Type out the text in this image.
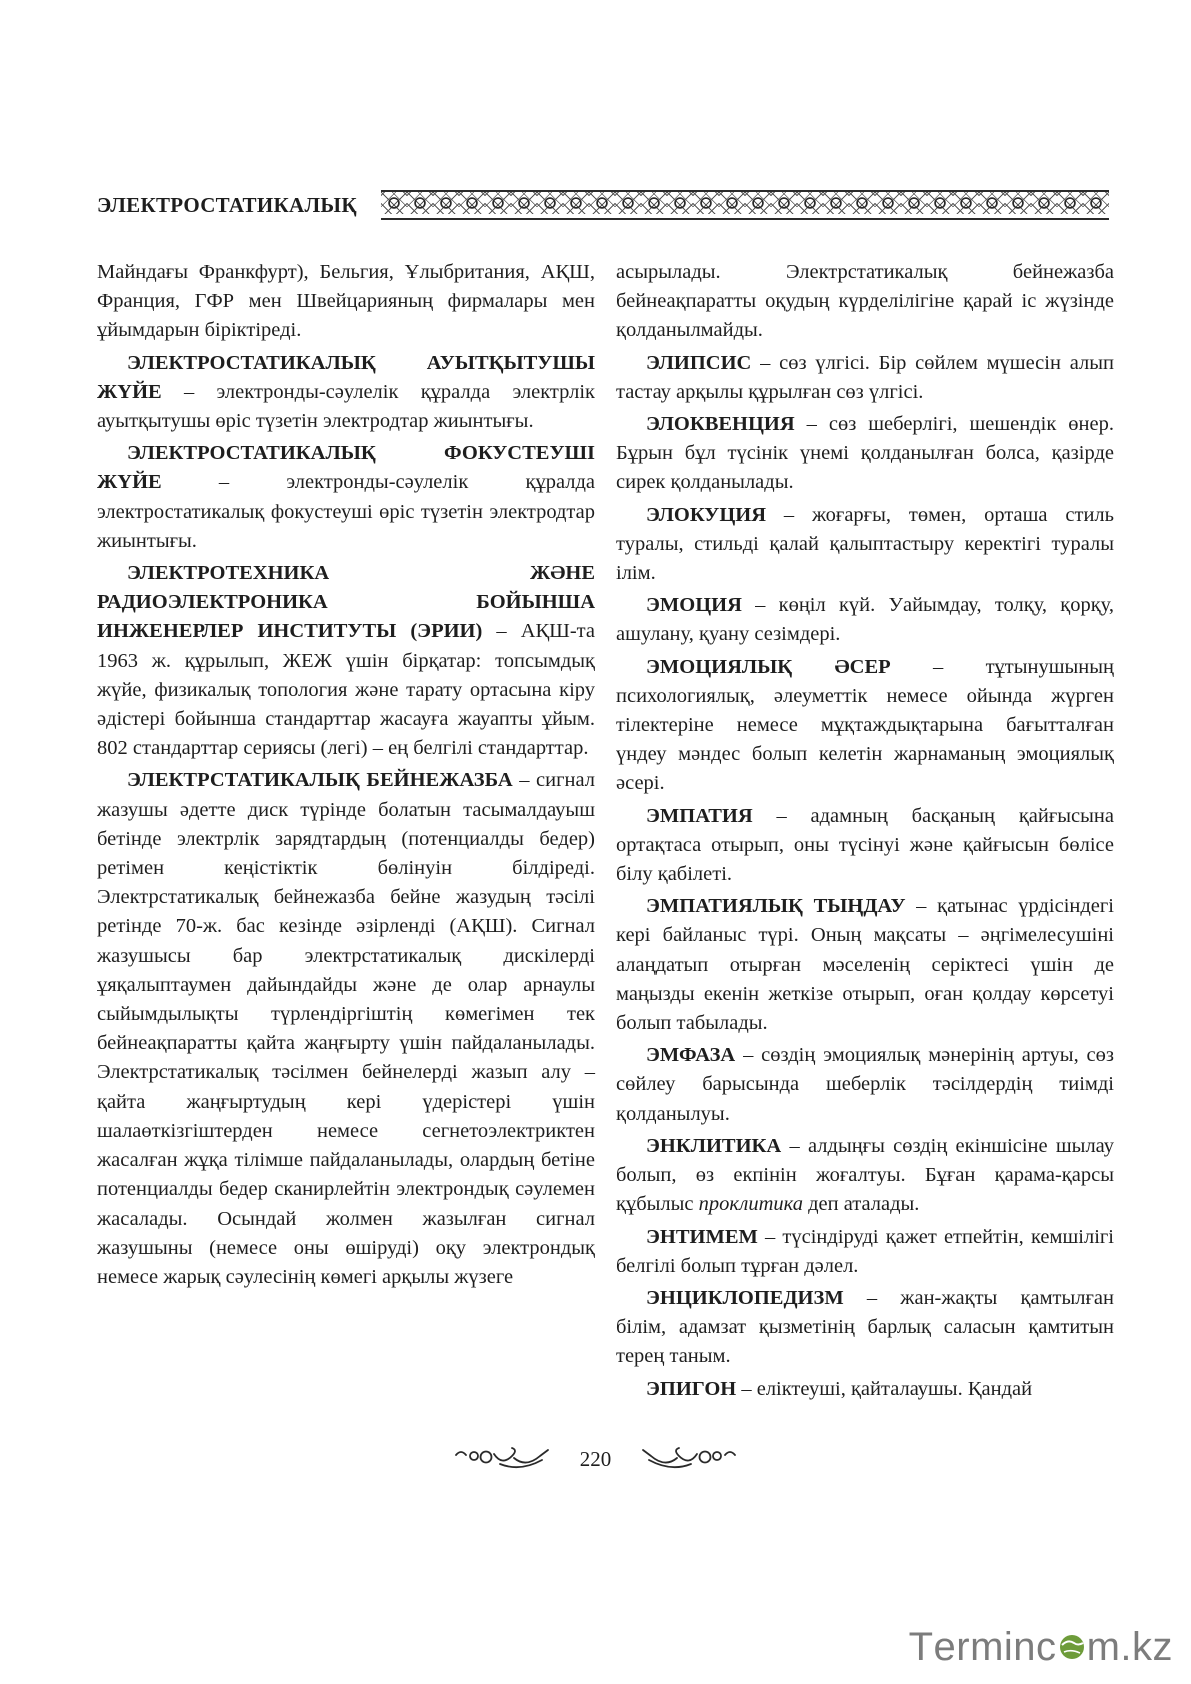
ЭЛЕКТРОСТАТИКАЛЫҚ

Майндағы Франкфурт), Бельгия, Ұлыбритания, АҚШ, Франция, ГФР мен Швейцарияның фирмалары мен ұйымдарын біріктіреді.

ЭЛЕКТРОСТАТИКАЛЫҚ АУЫТҚЫТУШЫ ЖҮЙЕ – электронды-сәулелік құралда электрлік ауытқытушы өріс түзетін электродтар жиынтығы.

ЭЛЕКТРОСТАТИКАЛЫҚ ФОКУСТЕУШІ ЖҮЙЕ – электронды-сәулелік құралда электростатикалық фокустеуші өріс түзетін электродтар жиынтығы.

ЭЛЕКТРОТЕХНИКА ЖӘНЕ РАДИОЭЛЕКТРОНИКА БОЙЫНША ИНЖЕНЕРЛЕР ИНСТИТУТЫ (ЭРИИ) – АҚШ-та 1963 ж. құрылып, ЖЕЖ үшін бірқатар: топсымдық жүйе, физикалық топология және тарату ортасына кіру әдістері бойынша стандарттар жасауға жауапты ұйым. 802 стандарттар сериясы (легі) – ең белгілі стандарттар.

ЭЛЕКТРСТАТИКАЛЫҚ БЕЙНЕЖАЗБА – сигнал жазушы әдетте диск түрінде болатын тасымалдауыш бетінде электрлік зарядтардың (потенциалды бедер) ретімен кеңістіктік бөлінуін білдіреді. Электрстатикалық бейнежазба бейне жазудың тәсілі ретінде 70-ж. бас кезінде әзірленді (АҚШ). Сигнал жазушысы бар электрстатикалық дискілерді ұяқалыптаумен дайындайды және де олар арнаулы сыйымдылықты түрлендіргіштің көмегімен тек бейнеақпаратты қайта жаңғырту үшін пайдаланылады. Электрстатикалық тәсілмен бейнелерді жазып алу – қайта жаңғыртудың кері үдерістері үшін шалаөткізгіштерден немесе сегнетоэлектриктен жасалған жұқа тілімше пайдаланылады, олардың бетіне потенциалды бедер сканирлейтін электрондық сәулемен жасалады. Осындай жолмен жазылған сигнал жазушыны (немесе оны өшіруді) оқу электрондық немесе жарық сәулесінің көмегі арқылы жүзеге

асырылады. Электрстатикалық бейнежазба бейнеақпаратты оқудың күрделілігіне қарай іс жүзінде қолданылмайды.

ЭЛИПСИС – сөз үлгісі. Бір сөйлем мүшесін алып тастау арқылы құрылған сөз үлгісі.

ЭЛОКВЕНЦИЯ – сөз шеберлігі, шешендік өнер. Бұрын бұл түсінік үнемі қолданылған болса, қазірде сирек қолданылады.

ЭЛОКУЦИЯ – жоғарғы, төмен, орташа стиль туралы, стильді қалай қалыптастыру керектігі туралы ілім.

ЭМОЦИЯ – көңіл күй. Уайымдау, толқу, қорқу, ашулану, қуану сезімдері.

ЭМОЦИЯЛЫҚ ӘСЕР – тұтынушының психологиялық, әлеуметтік немесе ойында жүрген тілектеріне немесе мұқтаждықтарына бағытталған үндеу мәндес болып келетін жарнаманың эмоциялық әсері.

ЭМПАТИЯ – адамның басқаның қайғысына ортақтаса отырып, оны түсінуі және қайғысын бөлісе білу қабілеті.

ЭМПАТИЯЛЫҚ ТЫҢДАУ – қатынас үрдісіндегі кері байланыс түрі. Оның мақсаты – әңгімелесушіні алаңдатып отырған мәселенің серіктесі үшін де маңызды екенін жеткізе отырып, оған қолдау көрсетуі болып табылады.

ЭМФАЗА – сөздің эмоциялық мәнерінің артуы, сөз сөйлеу барысында шеберлік тәсілдердің тиімді қолданылуы.

ЭНКЛИТИКА – алдыңғы сөздің екіншісіне шылау болып, өз екпінін жоғалтуы. Бұған қарама-қарсы құбылыс проклитика деп аталады.

ЭНТИМЕМ – түсіндіруді қажет етпейтін, кемшілігі белгілі болып тұрған дәлел.

ЭНЦИКЛОПЕДИЗМ – жан-жақты қамтылған білім, адамзат қызметінің барлық саласын қамтитын терең таным.

ЭПИГОН – еліктеуші, қайталаушы. Қандай

220
T erminc m.kz
